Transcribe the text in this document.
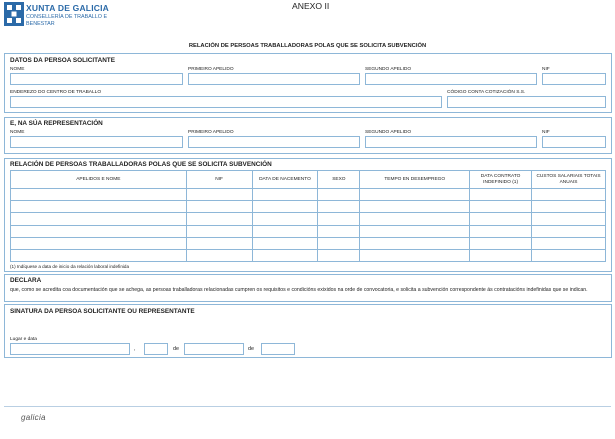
XUNTA DE GALICIA
CONSELLERÍA DE TRABALLO E BENESTAR
ANEXO II
RELACIÓN DE PERSOAS TRABALLADORAS POLAS QUE SE SOLICITA SUBVENCIÓN
DATOS DA PERSOA SOLICITANTE
NOME	PRIMEIRO APELIDO	SEGUNDO APELIDO	NIF
ENDEREZO DO CENTRO DE TRABALLO	CÓDIGO CONTA COTIZACIÓN S.S.
E, NA SÚA REPRESENTACIÓN
NOME	PRIMEIRO APELIDO	SEGUNDO APELIDO	NIF
RELACIÓN DE PERSOAS TRABALLADORAS POLAS QUE SE SOLICITA SUBVENCIÓN
APELIDOS E NOME	NIF	DATA DE NACEMENTO	SEXO	TEMPO EN DESEMPREGO	DATA CONTRATO INDEFINIDO (1)	CUSTOS SALARIAIS TOTAIS ANUAIS

(1) Indíquese a data de inicio da relación laboral indefinida
DECLARA
que, como se acredita coa documentación que se achega, as persoas traballadoras relacionadas cumpren os requisitos e condicións exixidos na orde de convocatoria, e solicita a subvención correspondente ás contratacións indefinidas que se indican.
SINATURA DA PERSOA SOLICITANTE OU REPRESENTANTE
Lugar e data
,	de	de
galicia
